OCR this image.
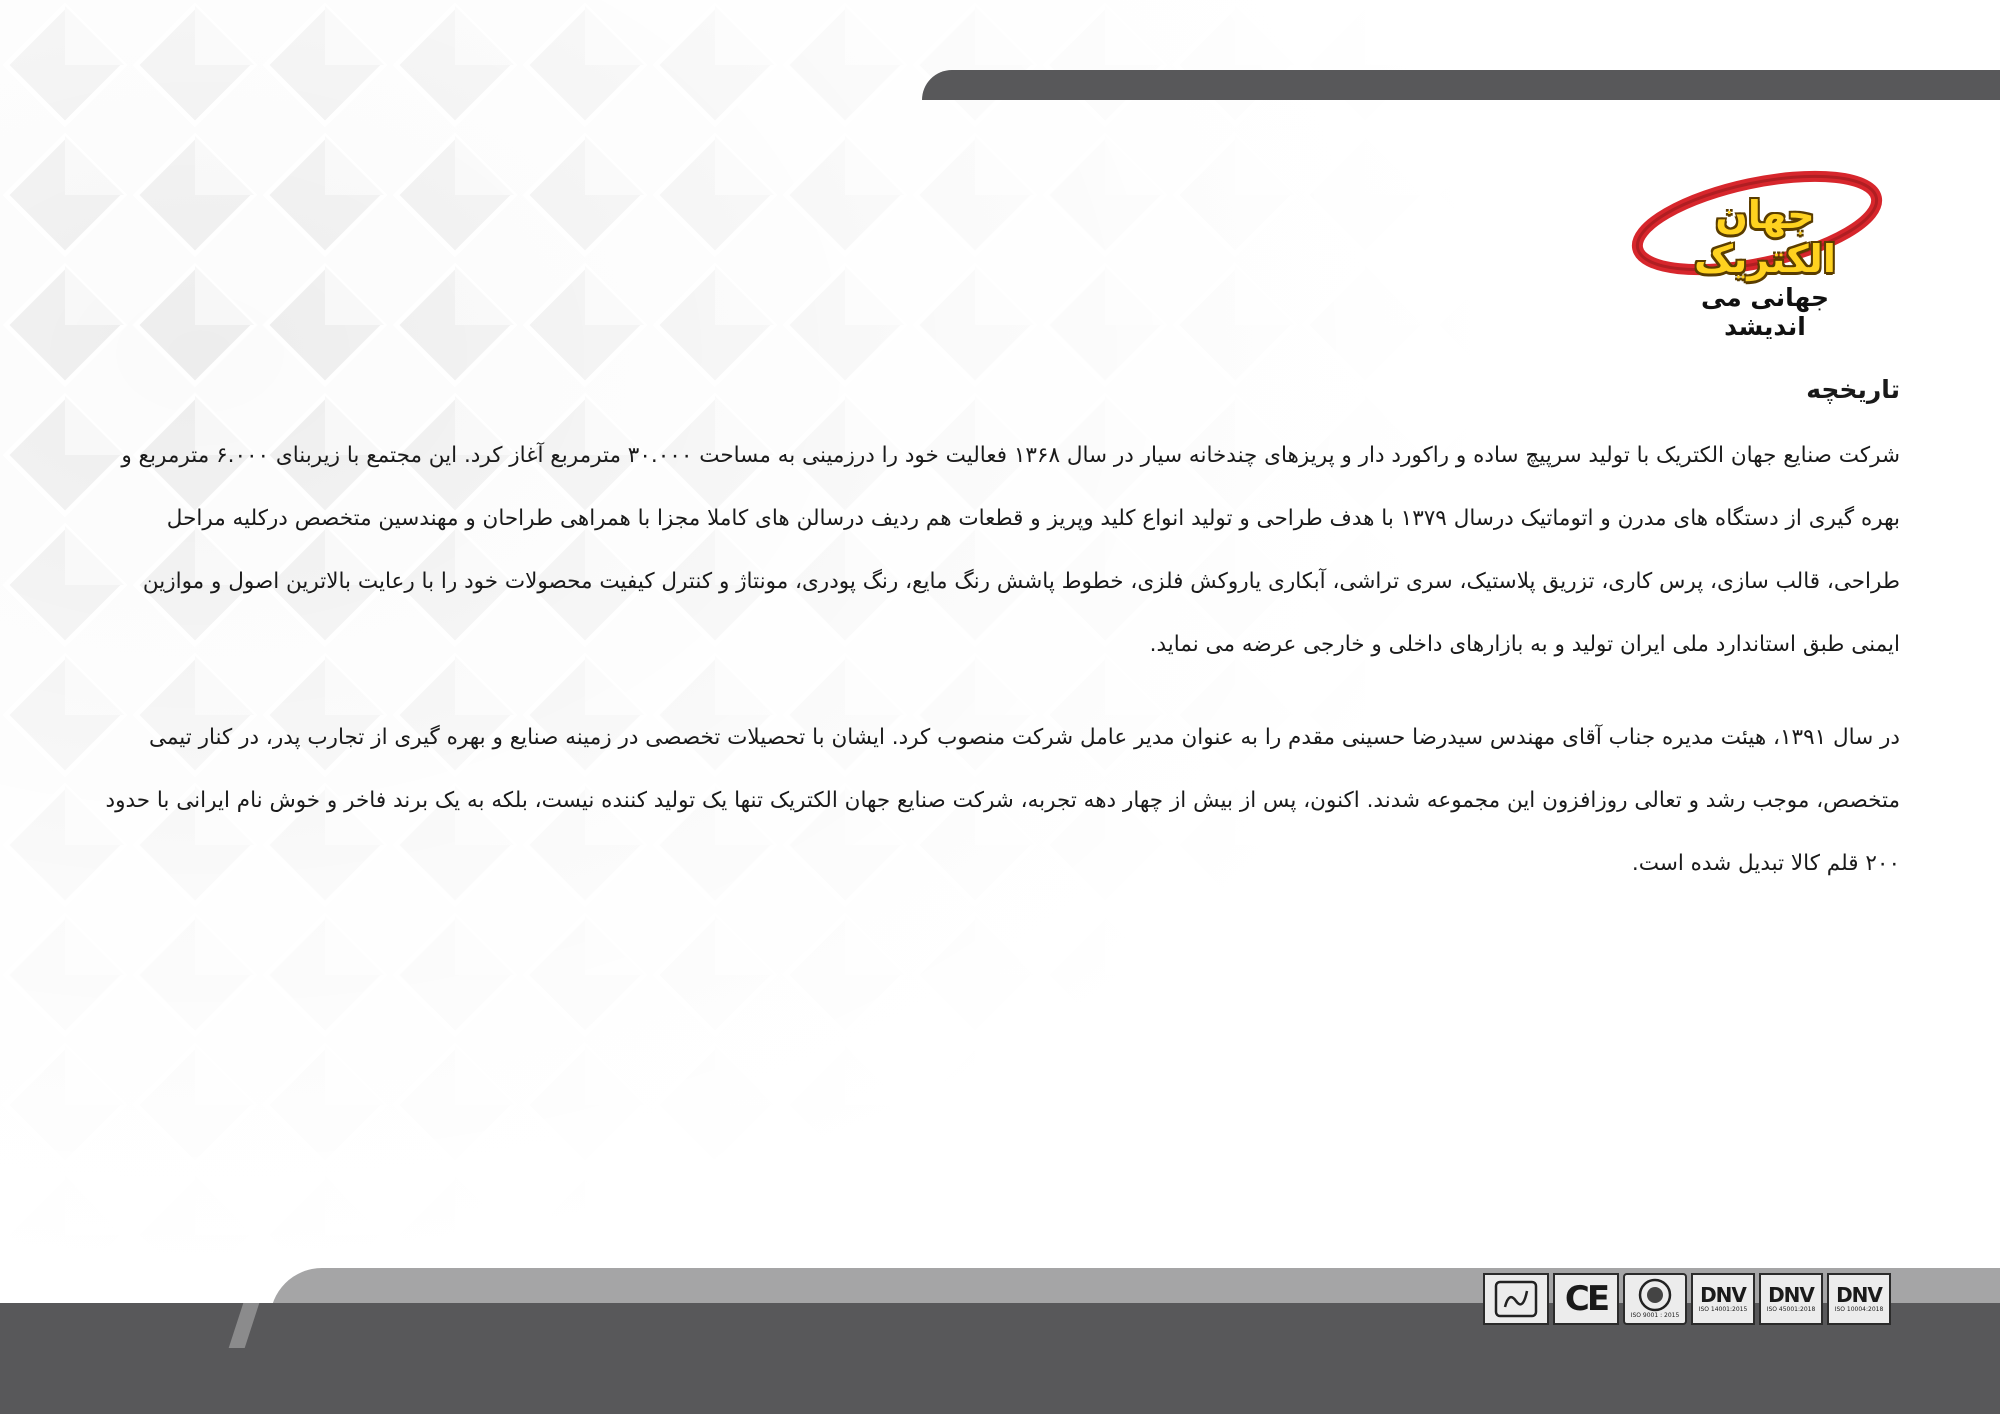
جهان الکتریک
جهانی می اندیشد
تاریخچه

شرکت صنایع جهان الکتریک با تولید سرپیچ ساده و راکورد دار و پریزهای چندخانه سیار در سال ۱۳۶۸ فعالیت خود را درزمینی به مساحت ۳۰.۰۰۰ مترمربع آغاز کرد. این مجتمع با زیربنای ۶.۰۰۰ مترمربع و بهره گیری از دستگاه های مدرن و اتوماتیک درسال ۱۳۷۹ با هدف طراحی و تولید انواع کلید وپریز و قطعات هم ردیف درسالن های کاملا مجزا با همراهی طراحان و مهندسین متخصص درکلیه مراحل طراحی، قالب سازی، پرس کاری، تزریق پلاستیک، سری تراشی، آبکاری یاروکش فلزی، خطوط پاشش رنگ مایع، رنگ پودری، مونتاژ و کنترل کیفیت محصولات خود را با رعایت بالاترین اصول و موازین ایمنی طبق استاندارد ملی ایران تولید و به بازارهای داخلی و خارجی عرضه می نماید.

در سال ۱۳۹۱، هیئت مدیره جناب آقای مهندس سیدرضا حسینی مقدم را به عنوان مدیر عامل شرکت منصوب کرد. ایشان با تحصیلات تخصصی در زمینه صنایع و بهره گیری از تجارب پدر، در کنار تیمی متخصص، موجب رشد و تعالی روزافزون این مجموعه شدند. اکنون، پس از بیش از چهار دهه تجربه، شرکت صنایع جهان الکتریک تنها یک تولید کننده نیست، بلکه به یک برند فاخر و خوش نام ایرانی با حدود ۲۰۰ قلم کالا تبدیل شده است.

CE	ISO 9001 : 2015
DNV
ISO 14001:2015
DNV
ISO 45001:2018
DNV
ISO 10004:2018
